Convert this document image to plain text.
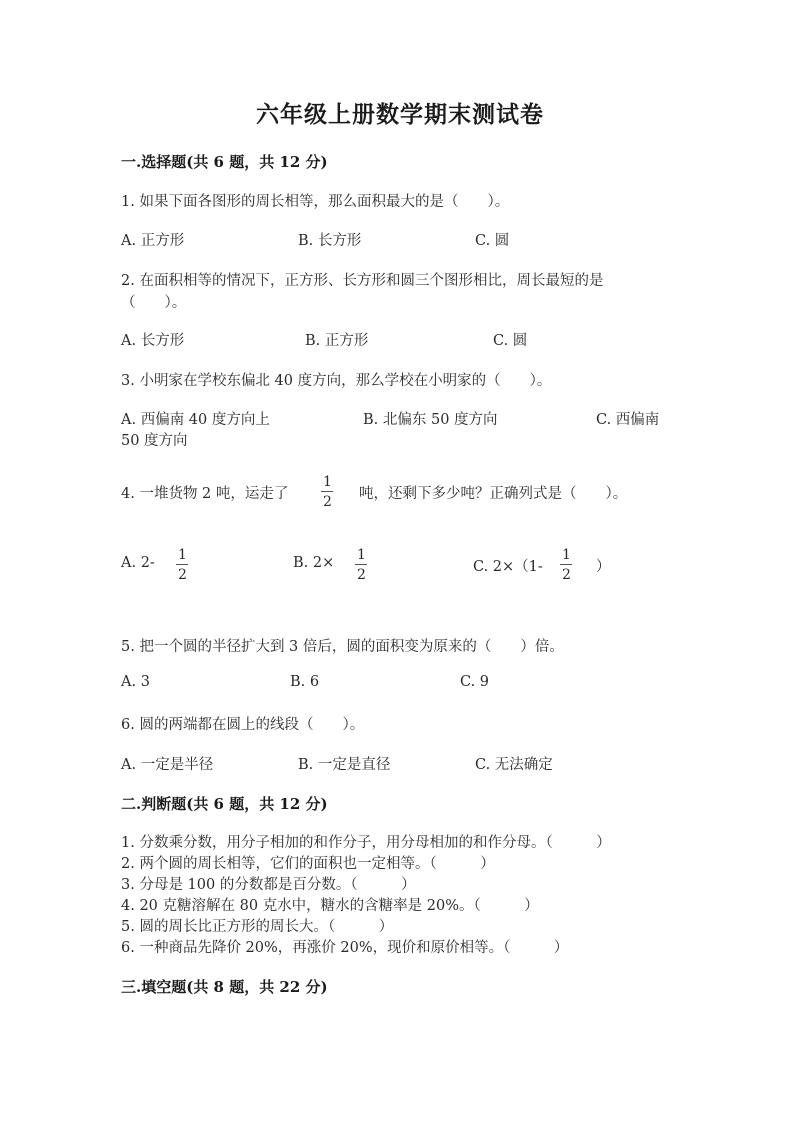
六年级上册数学期末测试卷
一.选择题(共 6 题，共 12 分)
1. 如果下面各图形的周长相等，那么面积最大的是（　　）。
A. 正方形	B. 长方形	C. 圆
2. 在面积相等的情况下，正方形、长方形和圆三个图形相比，周长最短的是
（　　）。
A. 长方形	B. 正方形	C. 圆
3. 小明家在学校东偏北 40 度方向，那么学校在小明家的（　　）。
A. 西偏南 40 度方向上	B. 北偏东 50 度方向	C. 西偏南
50 度方向
4. 一堆货物 2 吨，运走了
1
2 吨，还剩下多少吨？正确列式是（　　）。
A. 2- 1
2
B. 2× 1
2	C. 2×（1-
1
2 ）
5. 把一个圆的半径扩大到 3 倍后，圆的面积变为原来的（　　）倍。
A. 3	B. 6	C. 9
6. 圆的两端都在圆上的线段（　　）。
A. 一定是半径	B. 一定是直径	C. 无法确定
二.判断题(共 6 题，共 12 分)
1. 分数乘分数，用分子相加的和作分子，用分母相加的和作分母。（　　　）
2. 两个圆的周长相等，它们的面积也一定相等。（　　　）
3. 分母是 100 的分数都是百分数。（　　　）
4. 20 克糖溶解在 80 克水中，糖水的含糖率是 20%。（　　　）
5. 圆的周长比正方形的周长大。（　　　）
6. 一种商品先降价 20%，再涨价 20%，现价和原价相等。（　　　）
三.填空题(共 8 题，共 22 分)
